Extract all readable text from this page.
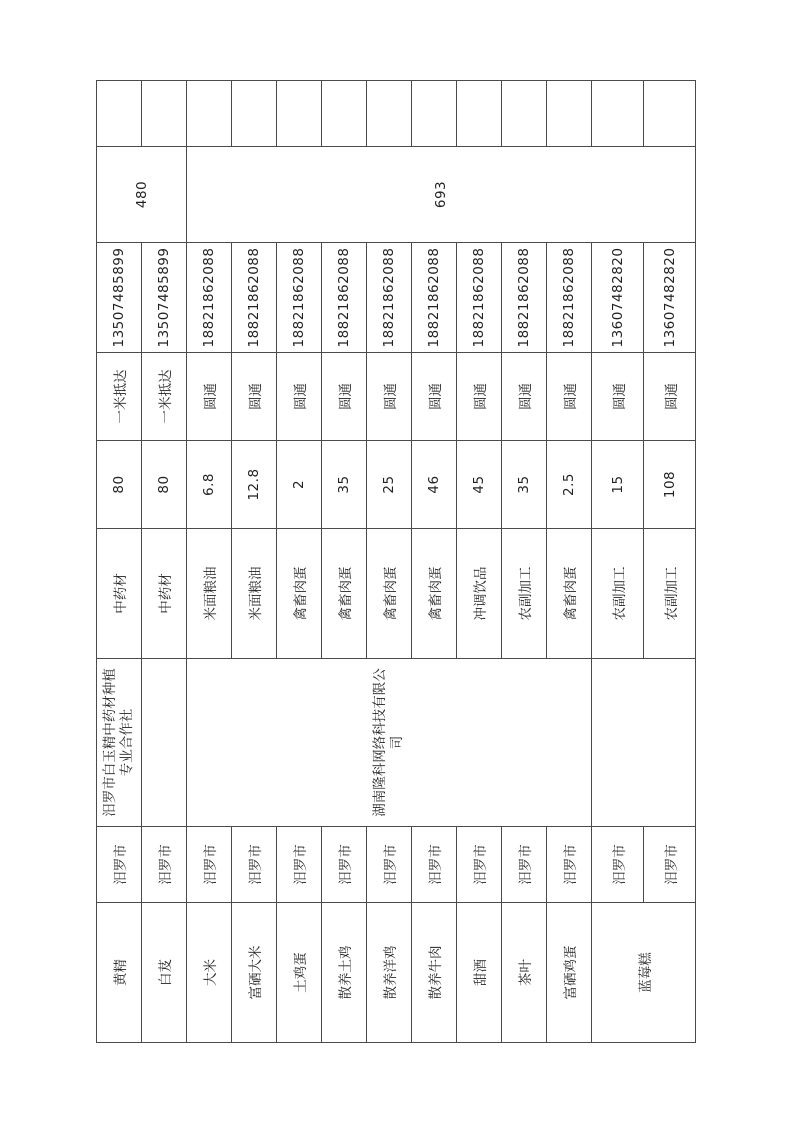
黄精	汨罗市	汨罗市白玉精中药材种植专业合作社	中药材	80	一米抵达	13507485899	480	
白芨	汨罗市		中药材	80	一米抵达	13507485899		
大米	汨罗市	湖南隆科网络科技有限公司	米面粮油	6.8	圆通	18821862088	693	
富硒大米	汨罗市		米面粮油	12.8	圆通	18821862088		
土鸡蛋	汨罗市		禽畜肉蛋	2	圆通	18821862088		
散养土鸡	汨罗市		禽畜肉蛋	35	圆通	18821862088		
散养洋鸡	汨罗市		禽畜肉蛋	25	圆通	18821862088		
散养牛肉	汨罗市		禽畜肉蛋	46	圆通	18821862088		
甜酒	汨罗市		冲调饮品	45	圆通	18821862088		
茶叶	汨罗市		农副加工	35	圆通	18821862088		
富硒鸡蛋	汨罗市		禽畜肉蛋	2.5	圆通	18821862088		
蓝莓糕	汨罗市		农副加工	15	圆通	13607482820		
	汨罗市		农副加工	108	圆通	13607482820		
